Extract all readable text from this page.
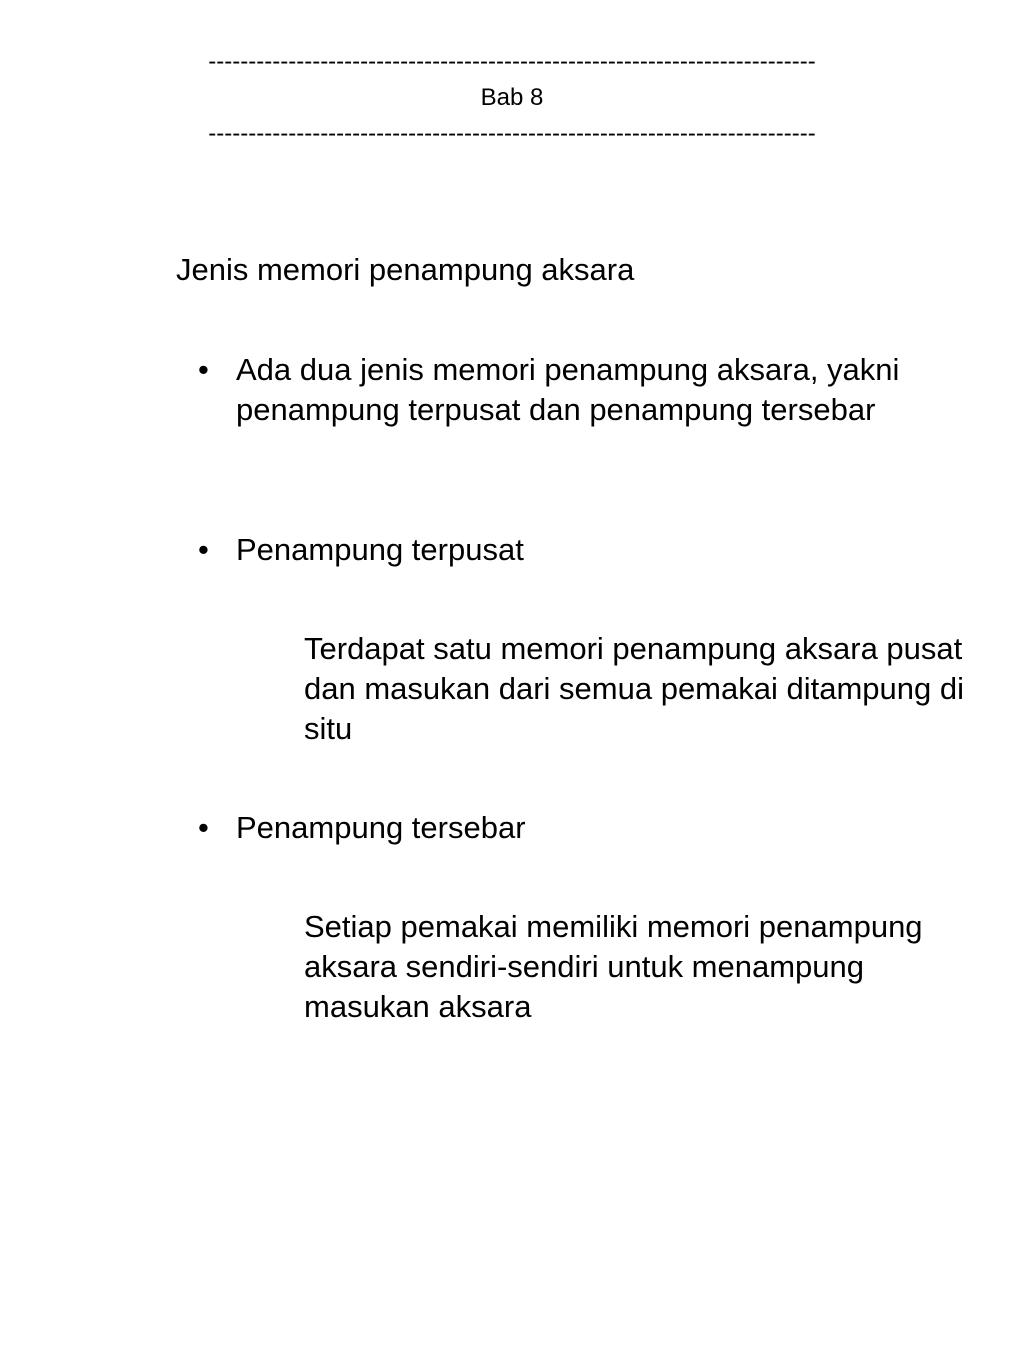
----------------------------------------------------------------------------
Bab 8
----------------------------------------------------------------------------
Jenis memori penampung aksara
• Ada dua jenis memori penampung aksara, yakni penampung terpusat dan penampung tersebar
• Penampung terpusat
Terdapat satu memori penampung aksara pusat dan masukan dari semua pemakai ditampung di situ
• Penampung tersebar
Setiap pemakai memiliki memori penampung aksara sendiri-sendiri untuk menampung masukan aksara
